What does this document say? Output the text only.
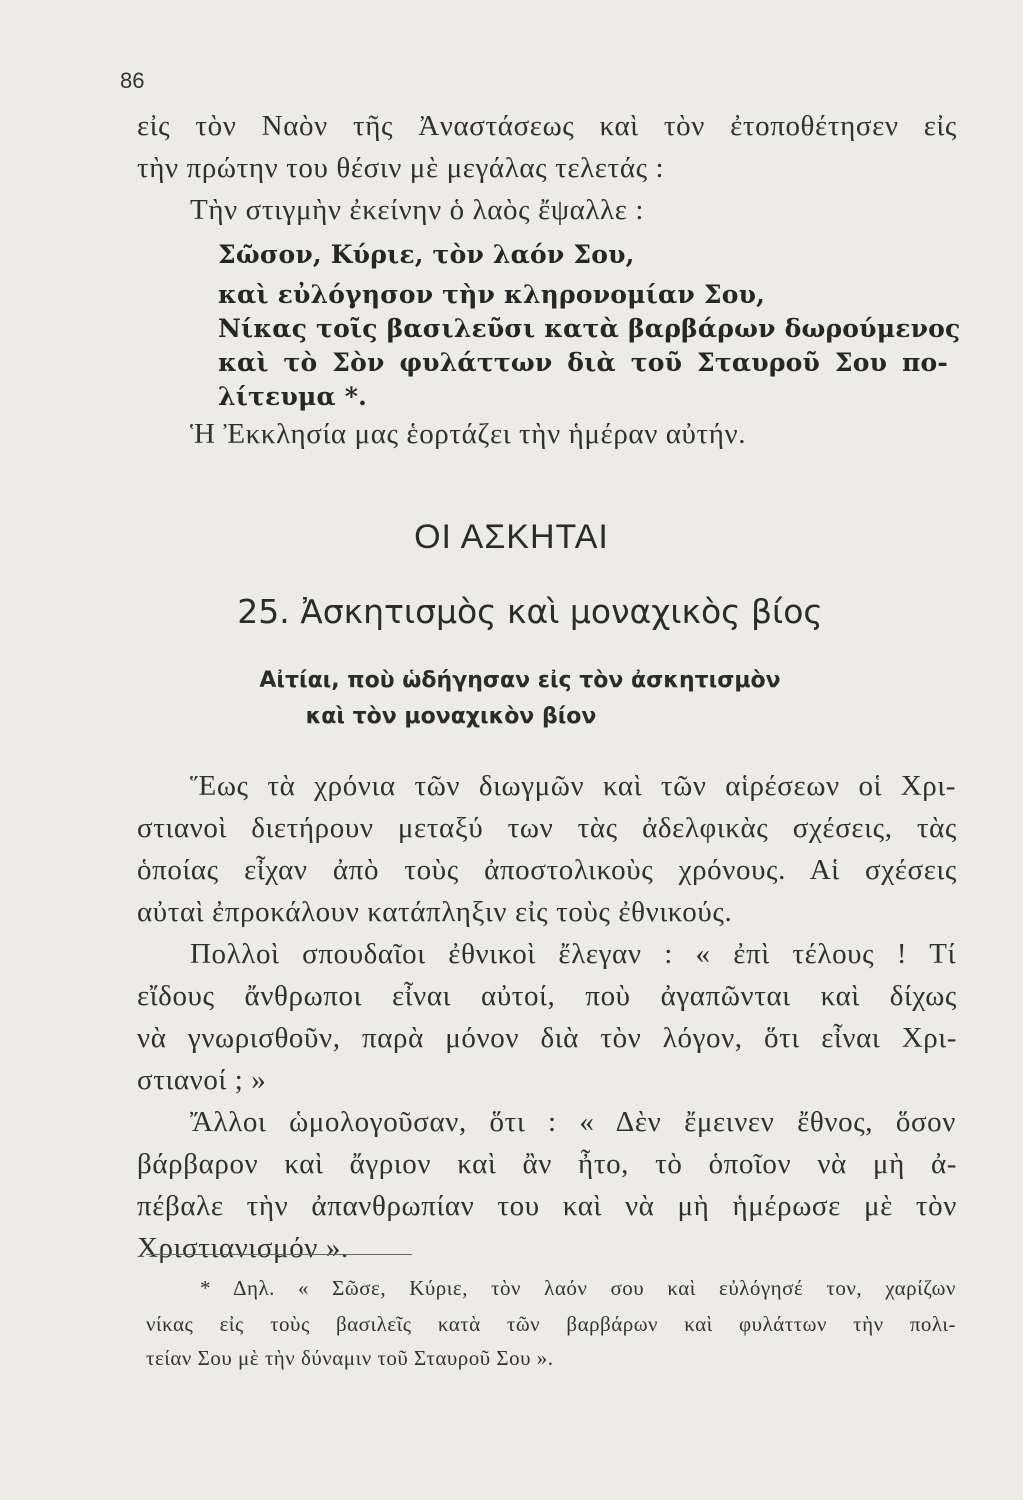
86
εἰς τὸν Ναὸν τῆς Ἀναστάσεως καὶ τὸν ἐτοποθέτησεν εἰς
τὴν πρώτην του θέσιν μὲ μεγάλας τελετάς :
Τὴν στιγμὴν ἐκείνην ὁ λαὸς ἔψαλλε :
Σῶσον, Κύριε, τὸν λαόν Σου,
καὶ εὐλόγησον τὴν κληρονομίαν Σου,
Νίκας τοῖς βασιλεῦσι κατὰ βαρβάρων δωρούμενος
καὶ τὸ Σὸν φυλάττων διὰ τοῦ Σταυροῦ Σου πο-
λίτευμα *.
Ἡ Ἐκκλησία μας ἑορτάζει τὴν ἡμέραν αὐτήν.
ΟΙ ΑΣΚΗΤΑΙ
25. Ἀσκητισμὸς καὶ μοναχικὸς βίος
Αἰτίαι, ποὺ ὡδήγησαν εἰς τὸν ἀσκητισμὸν
καὶ τὸν μοναχικὸν βίον
Ἕως τὰ χρόνια τῶν διωγμῶν καὶ τῶν αἱρέσεων οἱ Χρι-
στιανοὶ διετήρουν μεταξύ των τὰς ἀδελφικὰς σχέσεις, τὰς
ὁποίας εἶχαν ἀπὸ τοὺς ἀποστολικοὺς χρόνους. Αἱ σχέσεις
αὐταὶ ἐπροκάλουν κατάπληξιν εἰς τοὺς ἐθνικούς.
Πολλοὶ σπουδαῖοι ἐθνικοὶ ἔλεγαν : « ἐπὶ τέλους ! Τί
εἴδους ἄνθρωποι εἶναι αὐτοί, ποὺ ἀγαπῶνται καὶ δίχως
νὰ γνωρισθοῦν, παρὰ μόνον διὰ τὸν λόγον, ὅτι εἶναι Χρι-
στιανοί ; »
Ἄλλοι ὡμολογοῦσαν, ὅτι : « Δὲν ἔμεινεν ἔθνος, ὅσον
βάρβαρον καὶ ἄγριον καὶ ἂν ἦτο, τὸ ὁποῖον νὰ μὴ ἀ-
πέβαλε τὴν ἀπανθρωπίαν του καὶ νὰ μὴ ἡμέρωσε μὲ τὸν
Χριστιανισμόν ».
* Δηλ. « Σῶσε, Κύριε, τὸν λαόν σου καὶ εὐλόγησέ τον, χαρίζων
νίκας εἰς τοὺς βασιλεῖς κατὰ τῶν βαρβάρων καὶ φυλάττων τὴν πολι-
τείαν Σου μὲ τὴν δύναμιν τοῦ Σταυροῦ Σου ».
